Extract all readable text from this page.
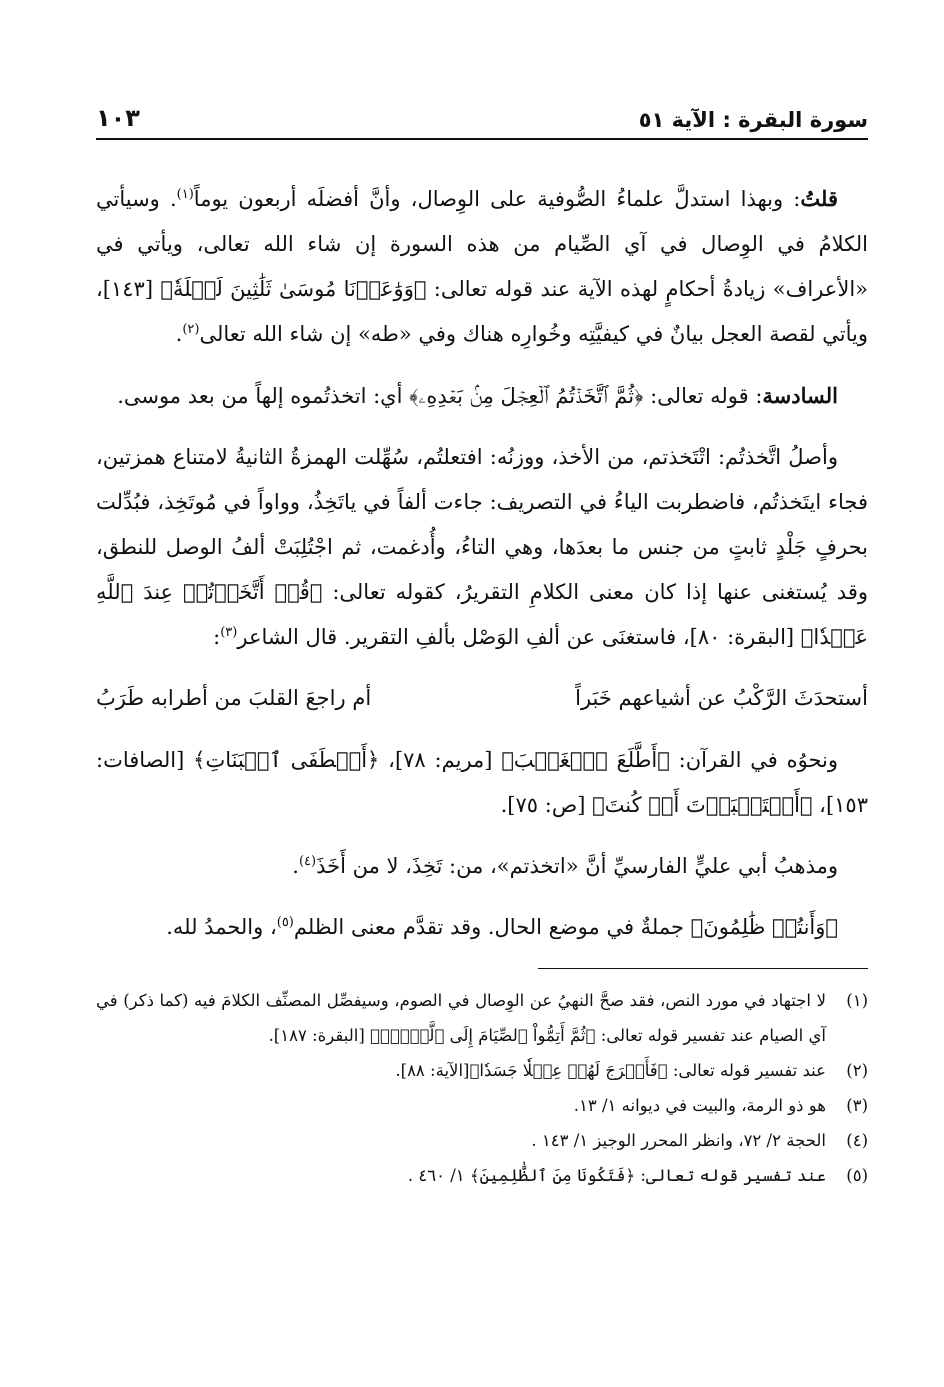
سورة البقرة : الآية ٥١
١٠٣

قلتُ: وبهذا استدلَّ علماءُ الصُّوفية على الوِصال، وأنَّ أفضلَه أربعون يوماً$^{(١)}$. وسيأتي الكلامُ في الوِصال في آي الصِّيام من هذه السورة إن شاء الله تعالى، ويأتي في «الأعراف» زيادةُ أحكامٍ لهذه الآية عند قوله تعالى: ﴿وَوَٰعَدۡنَا مُوسَىٰ ثَلَٰثِينَ لَيۡلَةٗ﴾ [١٤٣]، ويأتي لقصة العجل بيانٌ في كيفيَّتِه وخُوارِه هناك وفي «طه» إن شاء الله تعالى$^{(٢)}$.

السادسة: قوله تعالى: ﴿ثُمَّ ٱتَّخَذۡتُمُ ٱلۡعِجۡلَ مِنۢ بَعۡدِهِۦ﴾ أي: اتخذتُموه إلهاً من بعد موسى.

وأصلُ اتَّخذتُم: اتْتَخذتم، من الأخذ، ووزنُه: افتعلتُم، سُهِّلت الهمزةُ الثانيةُ لامتناع همزتين، فجاء ايتَخذتُم، فاضطربت الياءُ في التصريف: جاءت ألفاً في ياتَخِذُ، وواواً في مُوتَخِذ، فبُدِّلت بحرفٍ جَلْدٍ ثابتٍ من جنس ما بعدَها، وهي التاءُ، وأُدغمت، ثم اجْتُلِبَتْ ألفُ الوصل للنطق، وقد يُستغنى عنها إذا كان معنى الكلامِ التقريرُ، كقوله تعالى: ﴿قُلۡ أَتَّخَذۡتُمۡ عِندَ ٱللَّهِ عَهۡدٗا﴾ [البقرة: ٨٠]، فاستغنَى عن ألفِ الوَصْل بألفِ التقرير. قال الشاعر$^{(٣)}$:

أستحدَثَ الرَّكْبُ عن أشياعهم خَبَراً
أم راجعَ القلبَ من أطرابه طَرَبُ

ونحوُه في القرآن: ﴿أَطَّلَعَ ٱلۡغَيۡبَ﴾ [مريم: ٧٨]، ﴿أَصۡطَفَى ٱلۡبَنَاتِ﴾ [الصافات: ١٥٣]، ﴿أَسۡتَكۡبَرۡتَ أَمۡ كُنتَ﴾ [ص: ٧٥].

ومذهبُ أبي عليٍّ الفارسيِّ أنَّ «اتخذتم»، من: تَخِذَ، لا من أَخَذَ$^{(٤)}$.

﴿وَأَنتُمۡ ظَٰلِمُونَ﴾ جملةٌ في موضع الحال. وقد تقدَّم معنى الظلم$^{(٥)}$، والحمدُ لله.

(١)
لا اجتهاد في مورد النص، فقد صحَّ النهيُ عن الوِصال في الصوم، وسيفصِّل المصنِّف الكلامَ فيه (كما ذكر) في آي الصيام عند تفسير قوله تعالى: ﴿ثُمَّ أَتِمُّواْ ٱلصِّيَامَ إِلَى ٱلَّيۡلِۚ﴾ [البقرة: ١٨٧].

(٢)
عند تفسير قوله تعالى: ﴿فَأَخۡرَجَ لَهُمۡ عِجۡلٗا جَسَدٗا﴾[الآية: ٨٨].

(٣)
هو ذو الرمة، والبيت في ديوانه ١/ ١٣.

(٤)
الحجة ٢/ ٧٢، وانظر المحرر الوجيز ١/ ١٤٣ .

(٥)
عند تفسير قوله تعالى: ﴿فَتَكُونَا مِنَ ٱلظَّٰلِمِينَ﴾ ١/ ٤٦٠ .
